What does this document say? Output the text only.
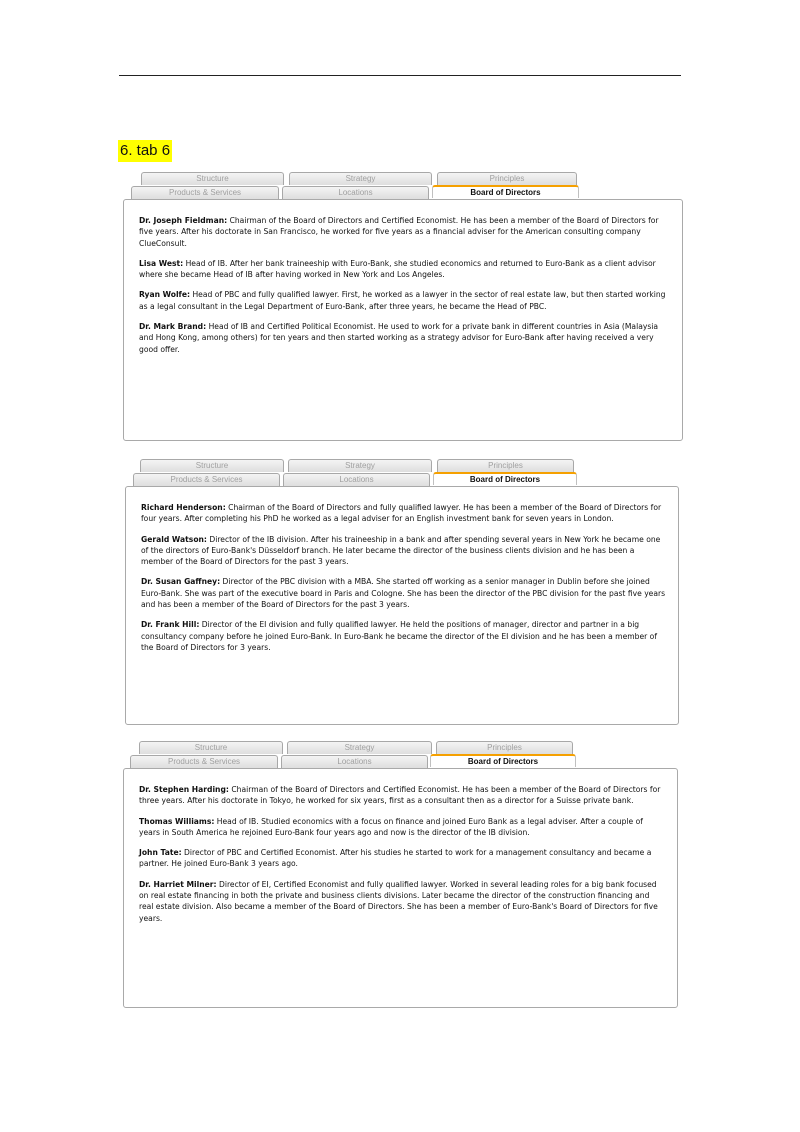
6. tab 6
Structure	Strategy	Principles
Products & Services	Locations	Board of Directors

Dr. Joseph Fieldman: Chairman of the Board of Directors and Certified Economist. He has been a member of the Board of Directors for five years. After his doctorate in San Francisco, he worked for five years as a financial adviser for the American consulting company ClueConsult.

Lisa West: Head of IB. After her bank traineeship with Euro-Bank, she studied economics and returned to Euro-Bank as a client advisor where she became Head of IB after having worked in New York and Los Angeles.

Ryan Wolfe: Head of PBC and fully qualified lawyer. First, he worked as a lawyer in the sector of real estate law, but then started working as a legal consultant in the Legal Department of Euro-Bank, after three years, he became the Head of PBC.

Dr. Mark Brand: Head of IB and Certified Political Economist. He used to work for a private bank in different countries in Asia (Malaysia and Hong Kong, among others) for ten years and then started working as a strategy advisor for Euro-Bank after having received a very good offer.

Structure	Strategy	Principles
Products & Services	Locations	Board of Directors

Richard Henderson: Chairman of the Board of Directors and fully qualified lawyer. He has been a member of the Board of Directors for four years. After completing his PhD he worked as a legal adviser for an English investment bank for seven years in London.

Gerald Watson: Director of the IB division. After his traineeship in a bank and after spending several years in New York he became one of the directors of Euro-Bank's Düsseldorf branch. He later became the director of the business clients division and he has been a member of the Board of Directors for the past 3 years.

Dr. Susan Gaffney: Director of the PBC division with a MBA. She started off working as a senior manager in Dublin before she joined Euro-Bank. She was part of the executive board in Paris and Cologne. She has been the director of the PBC division for the past five years and has been a member of the Board of Directors for the past 3 years.

Dr. Frank Hill: Director of the EI division and fully qualified lawyer. He held the positions of manager, director and partner in a big consultancy company before he joined Euro-Bank. In Euro-Bank he became the director of the EI division and he has been a member of the Board of Directors for 3 years.

Structure	Strategy	Principles
Products & Services	Locations	Board of Directors

Dr. Stephen Harding: Chairman of the Board of Directors and Certified Economist. He has been a member of the Board of Directors for three years. After his doctorate in Tokyo, he worked for six years, first as a consultant then as a director for a Suisse private bank.

Thomas Williams: Head of IB. Studied economics with a focus on finance and joined Euro Bank as a legal adviser. After a couple of years in South America he rejoined Euro-Bank four years ago and now is the director of the IB division.

John Tate: Director of PBC and Certified Economist. After his studies he started to work for a management consultancy and became a partner. He joined Euro-Bank 3 years ago.

Dr. Harriet Milner: Director of EI, Certified Economist and fully qualified lawyer. Worked in several leading roles for a big bank focused on real estate financing in both the private and business clients divisions. Later became the director of the construction financing and real estate division. Also became a member of the Board of Directors. She has been a member of Euro-Bank's Board of Directors for five years.
